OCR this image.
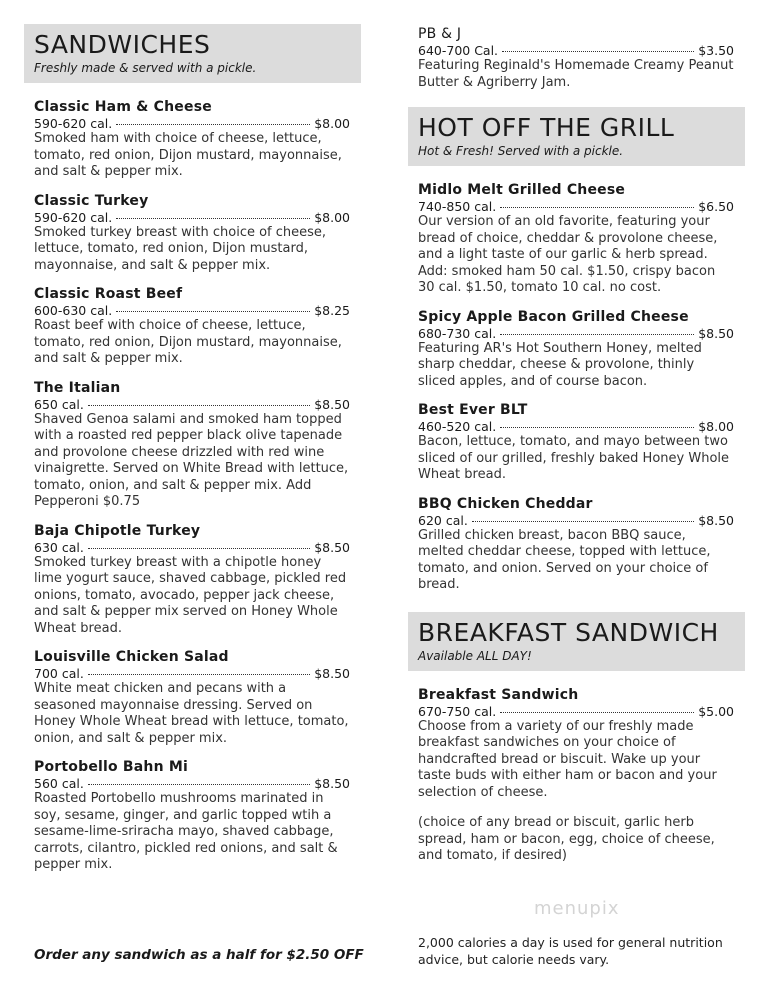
SANDWICHES
Freshly made & served with a pickle.
Classic Ham & Cheese
590-620 cal.	$8.00
Smoked ham with choice of cheese, lettuce, tomato, red onion, Dijon mustard, mayonnaise, and salt & pepper mix.
Classic Turkey
590-620 cal.	$8.00
Smoked turkey breast with choice of cheese, lettuce, tomato, red onion, Dijon mustard, mayonnaise, and salt & pepper mix.
Classic Roast Beef
600-630 cal.	$8.25
Roast beef with choice of cheese, lettuce, tomato, red onion, Dijon mustard, mayonnaise, and salt & pepper mix.
The Italian
650 cal.	$8.50
Shaved Genoa salami and smoked ham topped with a roasted red pepper black olive tapenade and provolone cheese drizzled with red wine vinaigrette. Served on White Bread with lettuce, tomato, onion, and salt & pepper mix. Add Pepperoni $0.75
Baja Chipotle Turkey
630 cal.	$8.50
Smoked turkey breast with a chipotle honey lime yogurt sauce, shaved cabbage, pickled red onions, tomato, avocado, pepper jack cheese, and salt & pepper mix served on Honey Whole Wheat bread.
Louisville Chicken Salad
700 cal.	$8.50
White meat chicken and pecans with a seasoned mayonnaise dressing. Served on Honey Whole Wheat bread with lettuce, tomato, onion, and salt & pepper mix.
Portobello Bahn Mi
560 cal.	$8.50
Roasted Portobello mushrooms marinated in soy, sesame, ginger, and garlic topped wtih a sesame-lime-sriracha mayo, shaved cabbage, carrots, cilantro, pickled red onions, and salt & pepper mix.
PB & J
640-700 Cal.	$3.50
Featuring Reginald's Homemade Creamy Peanut Butter & Agriberry Jam.
HOT OFF THE GRILL
Hot & Fresh! Served with a pickle.
Midlo Melt Grilled Cheese
740-850 cal.	$6.50
Our version of an old favorite, featuring your bread of choice, cheddar & provolone cheese, and a light taste of our garlic & herb spread. Add: smoked ham 50 cal. $1.50, crispy bacon 30 cal. $1.50, tomato 10 cal. no cost.
Spicy Apple Bacon Grilled Cheese
680-730 cal.	$8.50
Featuring AR's Hot Southern Honey, melted sharp cheddar, cheese & provolone, thinly sliced apples, and of course bacon.
Best Ever BLT
460-520 cal.	$8.00
Bacon, lettuce, tomato, and mayo between two sliced of our grilled, freshly baked Honey Whole Wheat bread.
BBQ Chicken Cheddar
620 cal.	$8.50
Grilled chicken breast, bacon BBQ sauce, melted cheddar cheese, topped with lettuce, tomato, and onion. Served on your choice of bread.
BREAKFAST SANDWICH
Available ALL DAY!
Breakfast Sandwich
670-750 cal.	$5.00
Choose from a variety of our freshly made breakfast sandwiches on your choice of handcrafted bread or biscuit. Wake up your taste buds with either ham or bacon and your selection of cheese.
(choice of any bread or biscuit, garlic herb spread, ham or bacon, egg, choice of cheese, and tomato, if desired)
menupix
Order any sandwich as a half for $2.50 OFF
2,000 calories a day is used for general nutrition advice, but calorie needs vary.
